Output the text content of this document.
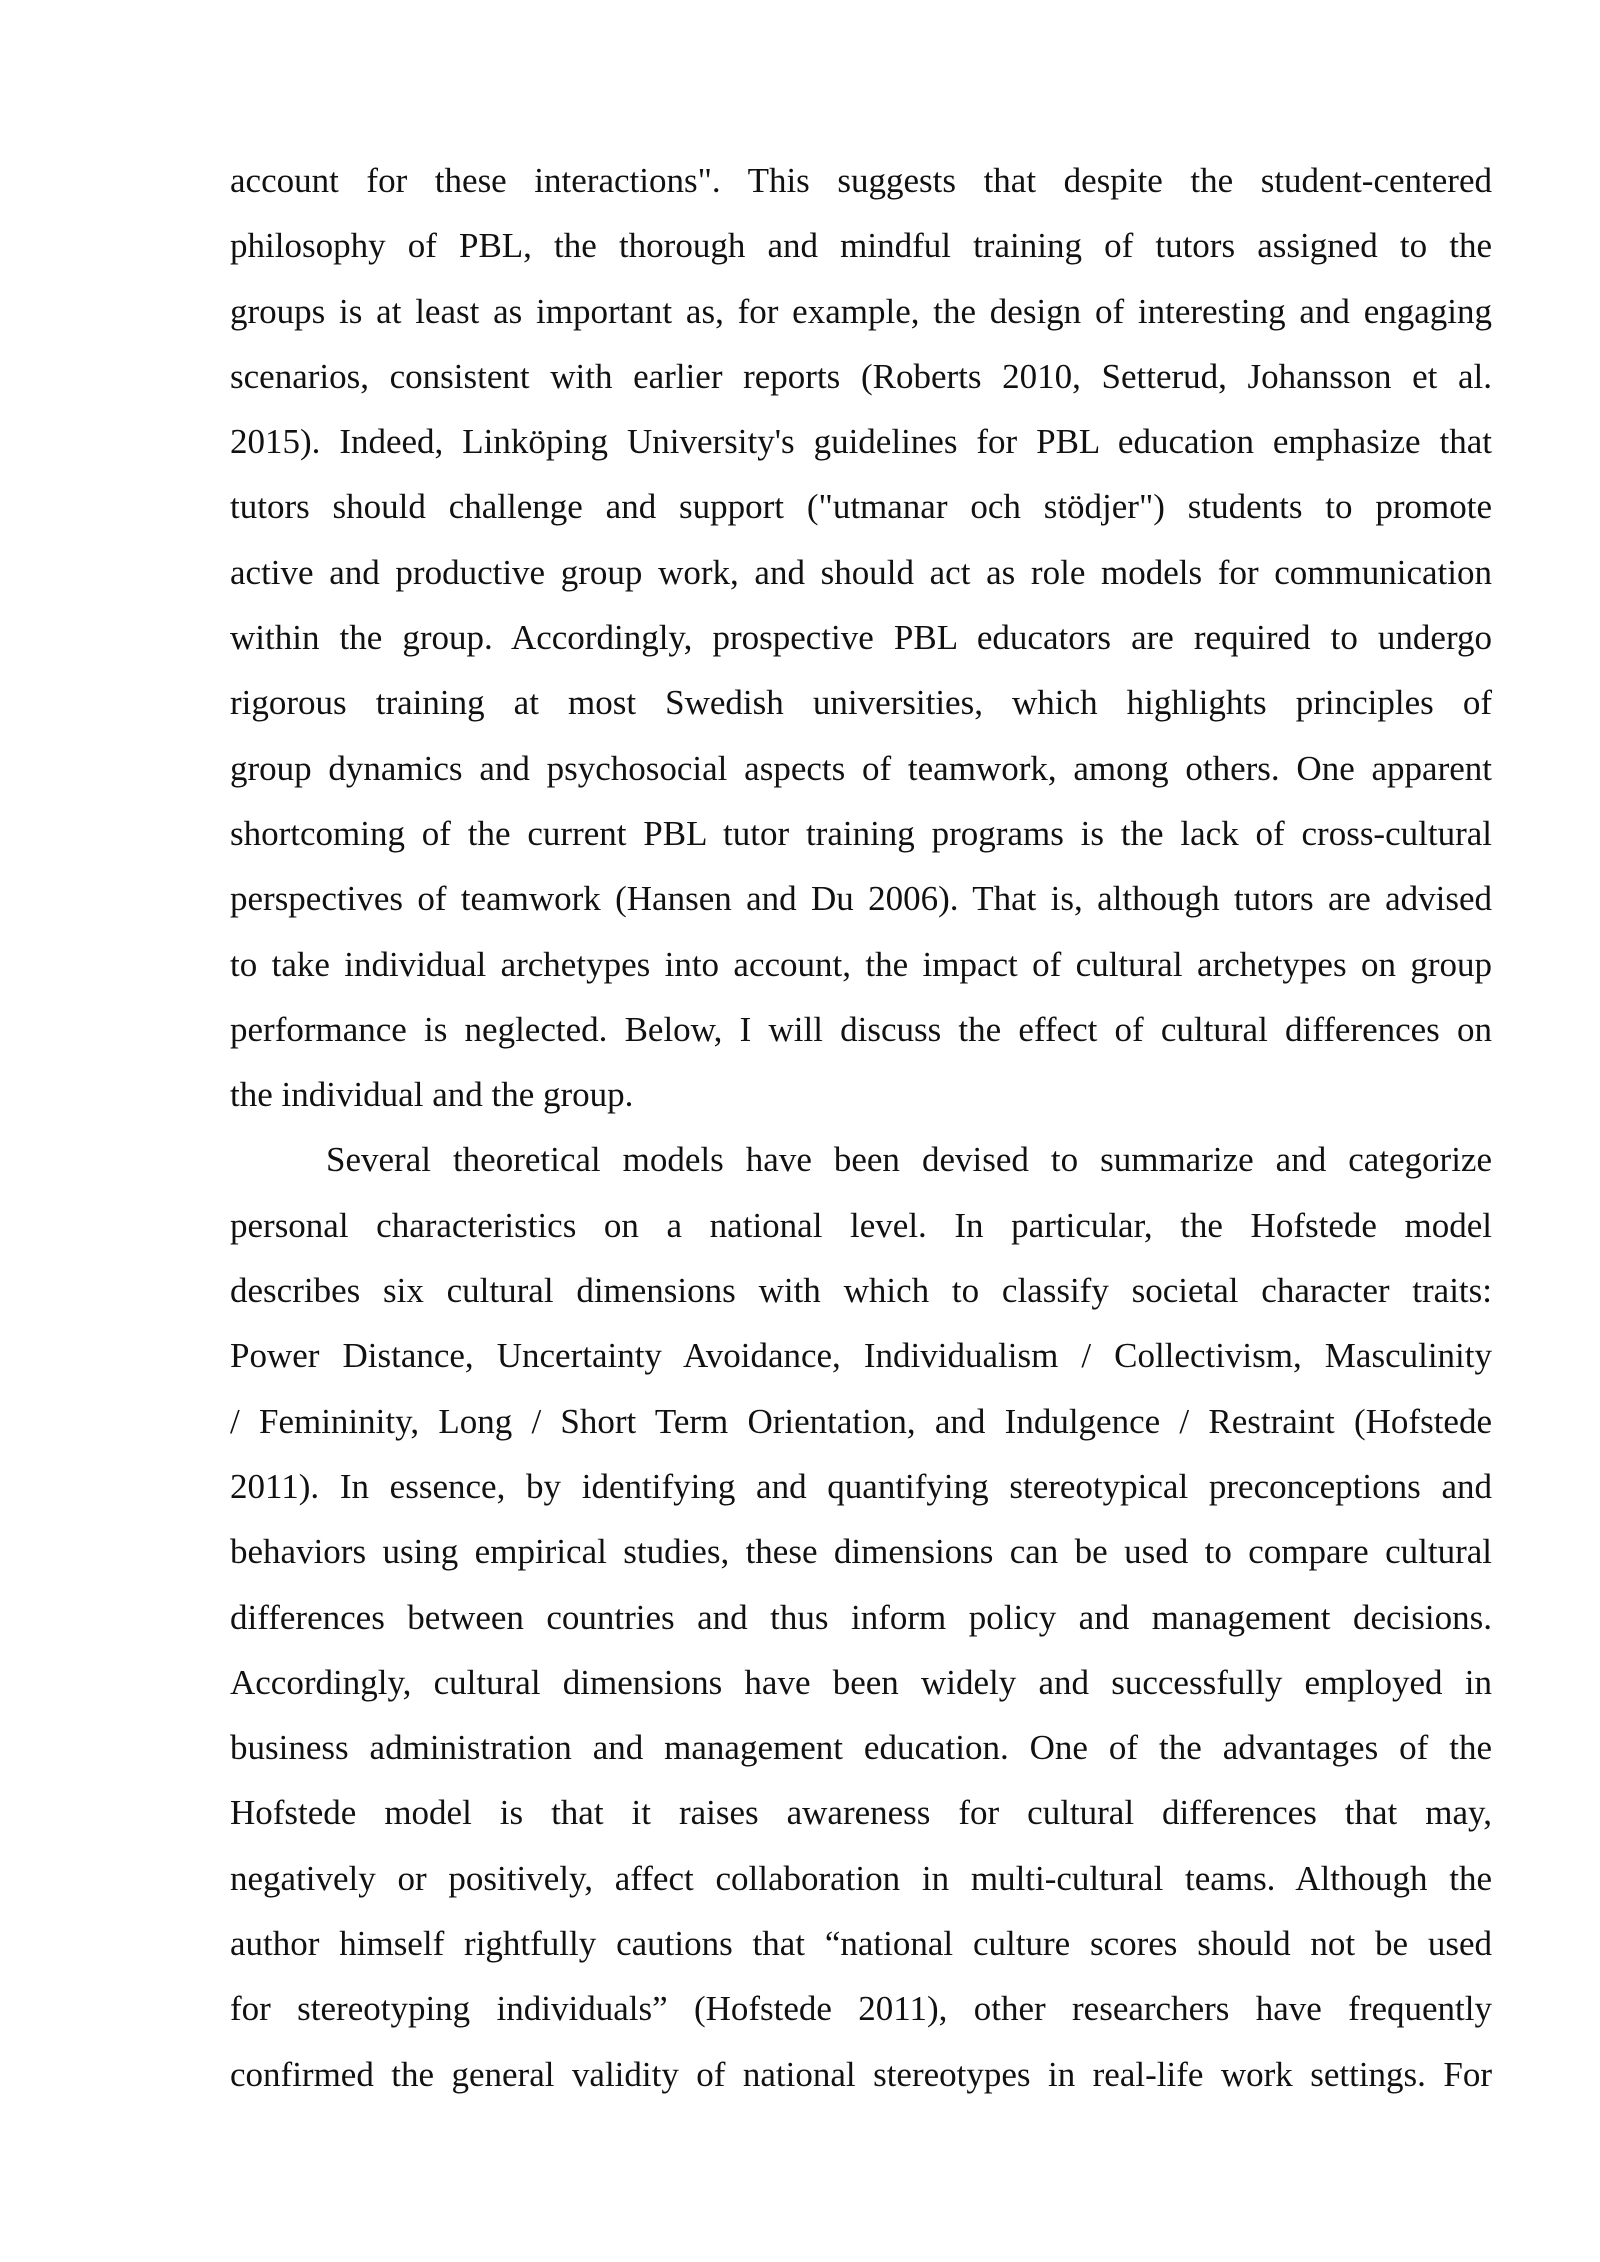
account for these interactions". This suggests that despite the student-centered
philosophy of PBL, the thorough and mindful training of tutors assigned to the
groups is at least as important as, for example, the design of interesting and engaging
scenarios, consistent with earlier reports (Roberts 2010, Setterud, Johansson et al.
2015). Indeed, Linköping University's guidelines for PBL education emphasize that
tutors should challenge and support ("utmanar och stödjer") students to promote
active and productive group work, and should act as role models for communication
within the group. Accordingly, prospective PBL educators are required to undergo
rigorous training at most Swedish universities, which highlights principles of
group dynamics and psychosocial aspects of teamwork, among others. One apparent
shortcoming of the current PBL tutor training programs is the lack of cross-cultural
perspectives of teamwork (Hansen and Du 2006). That is, although tutors are advised
to take individual archetypes into account, the impact of cultural archetypes on group
performance is neglected. Below, I will discuss the effect of cultural differences on
the individual and the group.
Several theoretical models have been devised to summarize and categorize
personal characteristics on a national level. In particular, the Hofstede model
describes six cultural dimensions with which to classify societal character traits:
Power Distance, Uncertainty Avoidance, Individualism / Collectivism, Masculinity
/ Femininity, Long / Short Term Orientation, and Indulgence / Restraint (Hofstede
2011). In essence, by identifying and quantifying stereotypical preconceptions and
behaviors using empirical studies, these dimensions can be used to compare cultural
differences between countries and thus inform policy and management decisions.
Accordingly, cultural dimensions have been widely and successfully employed in
business administration and management education. One of the advantages of the
Hofstede model is that it raises awareness for cultural differences that may,
negatively or positively, affect collaboration in multi-cultural teams. Although the
author himself rightfully cautions that “national culture scores should not be used
for stereotyping individuals” (Hofstede 2011), other researchers have frequently
confirmed the general validity of national stereotypes in real-life work settings. For
